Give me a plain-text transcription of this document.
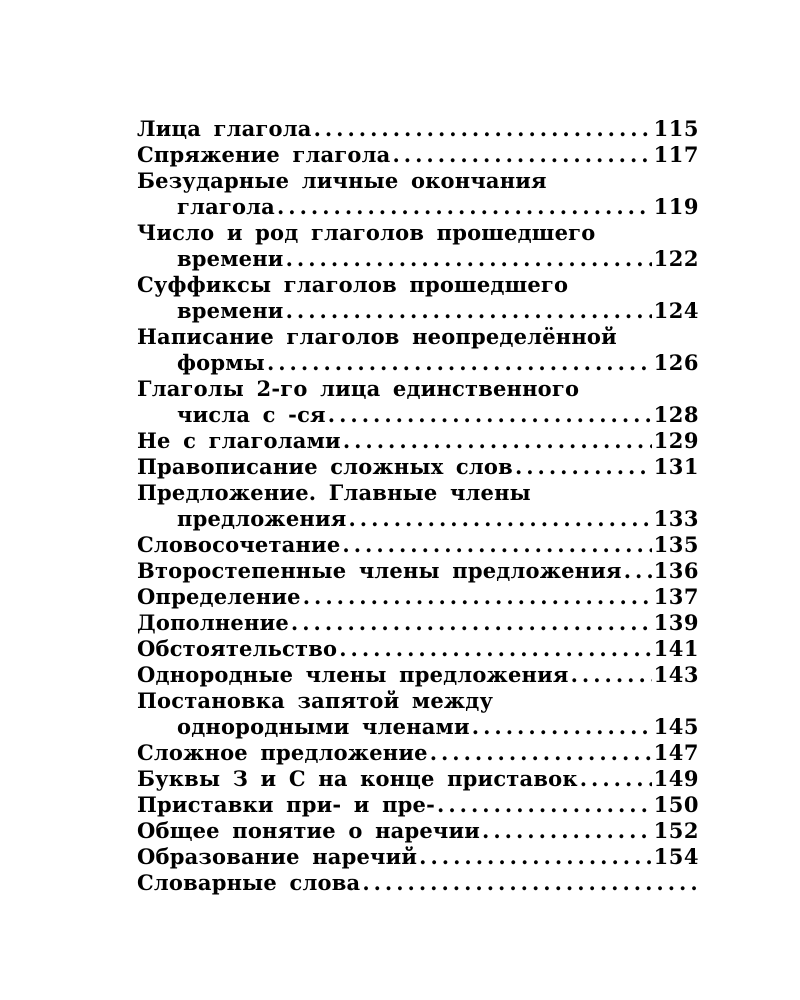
Лица глагола .....	115
Спряжение глагола .....	117
Безударные личные окончания
глагола .....	119
Число и род глаголов прошедшего
времени .....	122
Суффиксы глаголов прошедшего
времени .....	124
Написание глаголов неопределённой
формы .....	126
Глаголы 2-го лица единственного
числа с -ся .....	128
Не с глаголами .....	129
Правописание сложных слов .....	131
Предложение. Главные члены
предложения .....	133
Словосочетание .....	135
Второстепенные члены предложения ..... 136
Определение .....	137
Дополнение .....	139
Обстоятельство .....	141
Однородные члены предложения .....	143
Постановка запятой между
однородными членами .....	145
Сложное предложение .....	147
Буквы З и С на конце приставок .....	149
Приставки при- и пре- .....	150
Общее понятие о наречии .....	152
Образование наречий .....	154
Словарные слова
.....
